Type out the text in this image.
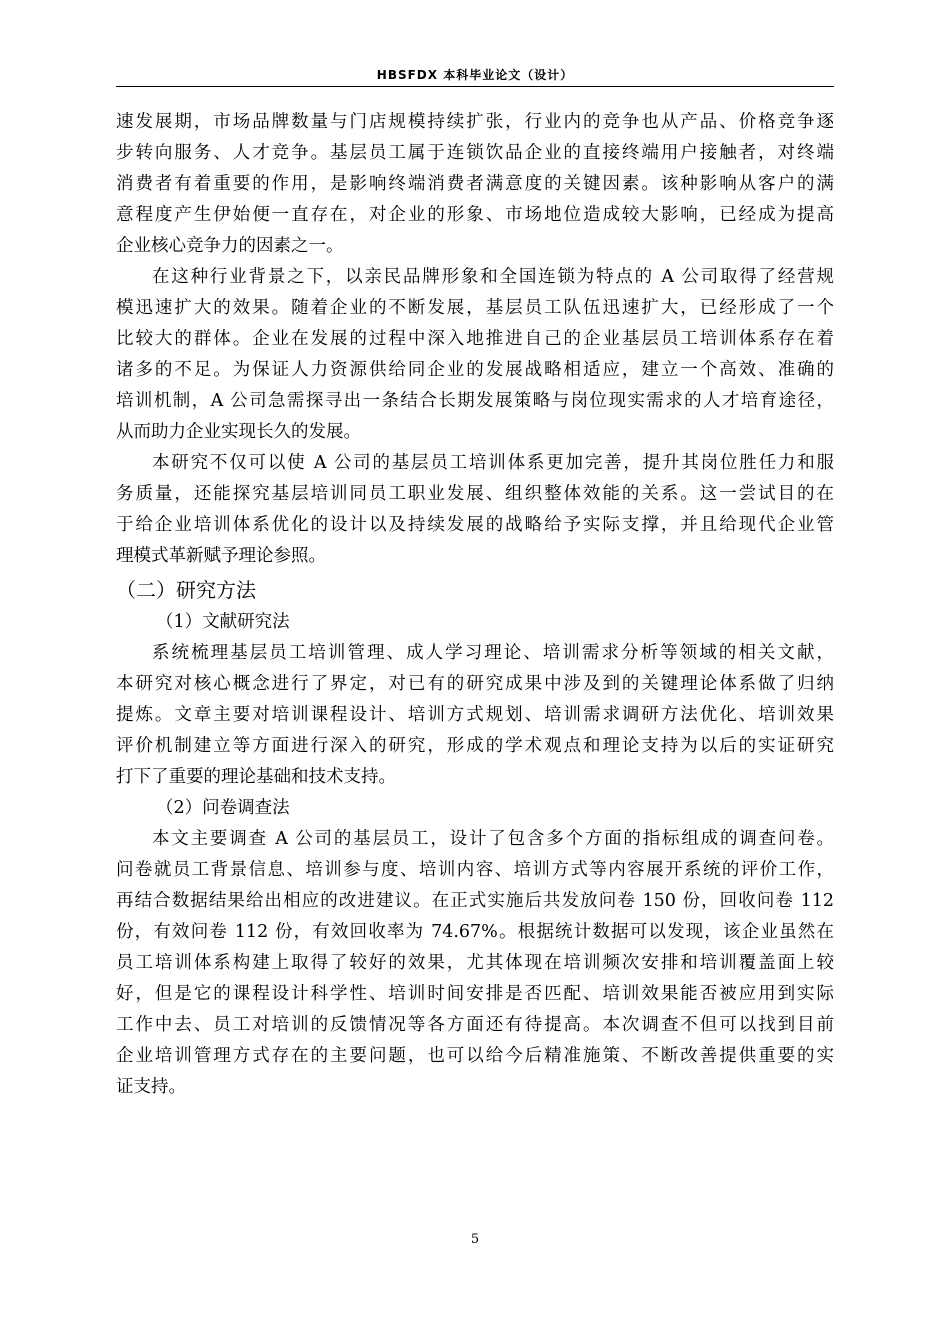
HBSFDX 本科毕业论文（设计）
速发展期，市场品牌数量与门店规模持续扩张，行业内的竞争也从产品、价格竞争逐
步转向服务、人才竞争。基层员工属于连锁饮品企业的直接终端用户接触者，对终端
消费者有着重要的作用，是影响终端消费者满意度的关键因素。该种影响从客户的满
意程度产生伊始便一直存在，对企业的形象、市场地位造成较大影响，已经成为提高
企业核心竞争力的因素之一。
在这种行业背景之下，以亲民品牌形象和全国连锁为特点的 A 公司取得了经营规
模迅速扩大的效果。随着企业的不断发展，基层员工队伍迅速扩大，已经形成了一个
比较大的群体。企业在发展的过程中深入地推进自己的企业基层员工培训体系存在着
诸多的不足。为保证人力资源供给同企业的发展战略相适应，建立一个高效、准确的
培训机制，A 公司急需探寻出一条结合长期发展策略与岗位现实需求的人才培育途径，
从而助力企业实现长久的发展。
本研究不仅可以使 A 公司的基层员工培训体系更加完善，提升其岗位胜任力和服
务质量，还能探究基层培训同员工职业发展、组织整体效能的关系。这一尝试目的在
于给企业培训体系优化的设计以及持续发展的战略给予实际支撑，并且给现代企业管
理模式革新赋予理论参照。
（二）研究方法
（1）文献研究法
系统梳理基层员工培训管理、成人学习理论、培训需求分析等领域的相关文献，
本研究对核心概念进行了界定，对已有的研究成果中涉及到的关键理论体系做了归纳
提炼。文章主要对培训课程设计、培训方式规划、培训需求调研方法优化、培训效果
评价机制建立等方面进行深入的研究，形成的学术观点和理论支持为以后的实证研究
打下了重要的理论基础和技术支持。
（2）问卷调查法
本文主要调查 A 公司的基层员工，设计了包含多个方面的指标组成的调查问卷。
问卷就员工背景信息、培训参与度、培训内容、培训方式等内容展开系统的评价工作，
再结合数据结果给出相应的改进建议。在正式实施后共发放问卷 150 份，回收问卷 112
份，有效问卷 112 份，有效回收率为 74.67%。根据统计数据可以发现，该企业虽然在
员工培训体系构建上取得了较好的效果，尤其体现在培训频次安排和培训覆盖面上较
好，但是它的课程设计科学性、培训时间安排是否匹配、培训效果能否被应用到实际
工作中去、员工对培训的反馈情况等各方面还有待提高。本次调查不但可以找到目前
企业培训管理方式存在的主要问题，也可以给今后精准施策、不断改善提供重要的实
证支持。
5
